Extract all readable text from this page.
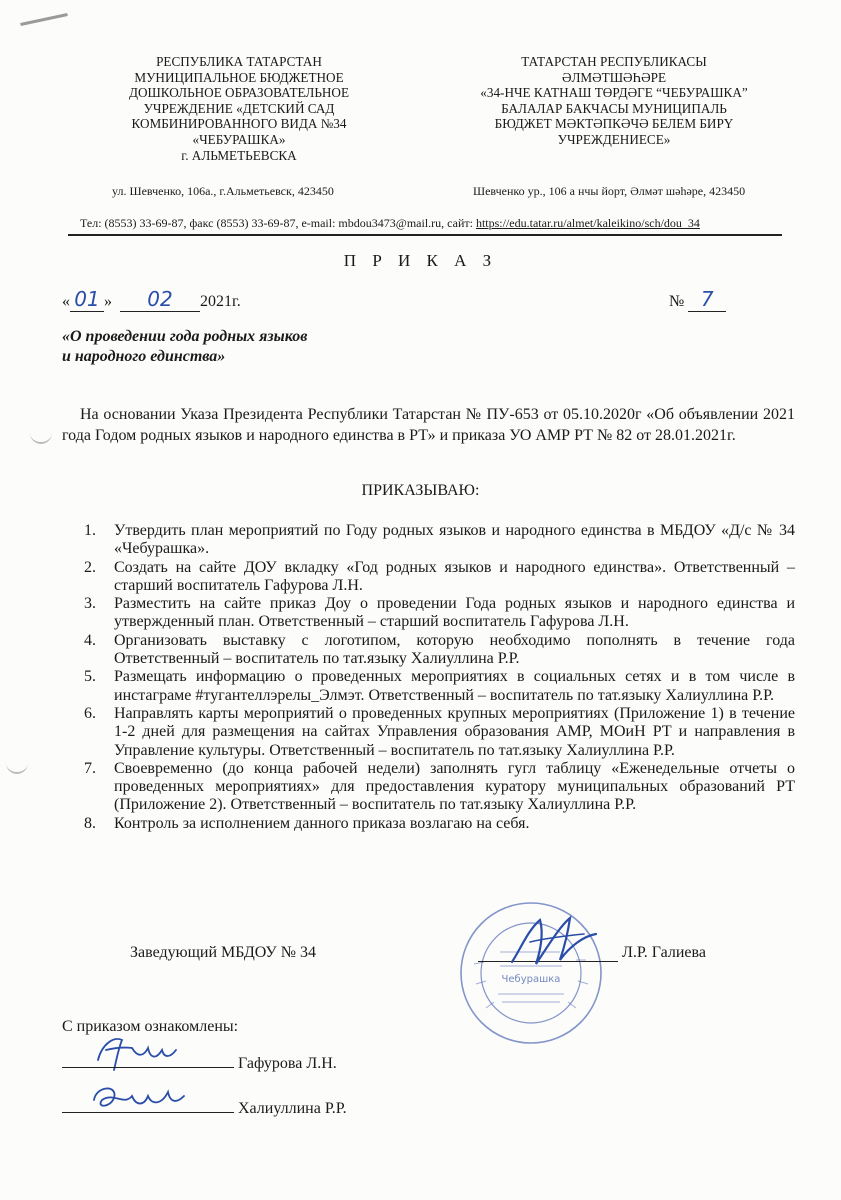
РЕСПУБЛИКА ТАТАРСТАН
МУНИЦИПАЛЬНОЕ БЮДЖЕТНОЕ
ДОШКОЛЬНОЕ ОБРАЗОВАТЕЛЬНОЕ
УЧРЕЖДЕНИЕ «ДЕТСКИЙ САД
КОМБИНИРОВАННОГО ВИДА №34
«ЧЕБУРАШКА»
г. АЛЬМЕТЬЕВСКА
ТАТАРСТАН РЕСПУБЛИКАСЫ
ӘЛМӘТШӘҺӘРЕ
«34-НЧЕ КАТНАШ ТӨРДӘГЕ “ЧЕБУРАШКА”
БАЛАЛАР БАКЧАСЫ МУНИЦИПАЛЬ
БЮДЖЕТ МӘКТӘПКӘЧӘ БЕЛЕМ БИРҮ
УЧРЕЖДЕНИЕСЕ»
ул. Шевченко, 106а., г.Альметьевск, 423450	Шевченко ур., 106 а нчы йорт, Әлмәт шәһәре, 423450
Тел: (8553) 33-69-87, факс (8553) 33-69-87, e-mail: mbdou3473@mail.ru, сайт: https://edu.tatar.ru/almet/kaleikino/sch/dou_34
П Р И К А З
« 01 » 02 2021г.	№ 7
«О проведении года родных языков
и народного единства»
На основании Указа Президента Республики Татарстан № ПУ-653 от 05.10.2020г «Об объявлении 2021 года Годом родных языков и народного единства в РТ» и приказа УО АМР РТ № 82 от 28.01.2021г.
ПРИКАЗЫВАЮ:
1. Утвердить план мероприятий по Году родных языков и народного единства в МБДОУ «Д/с № 34 «Чебурашка».
2. Создать на сайте ДОУ вкладку «Год родных языков и народного единства». Ответственный – старший воспитатель Гафурова Л.Н.
3. Разместить на сайте приказ Доу о проведении Года родных языков и народного единства и утвержденный план. Ответственный – старший воспитатель Гафурова Л.Н.
4. Организовать выставку с логотипом, которую необходимо пополнять в течение года Ответственный – воспитатель по тат.языку Халиуллина Р.Р.
5. Размещать информацию о проведенных мероприятиях в социальных сетях и в том числе в инстаграме #тугантеллэрелы_Элмэт. Ответственный – воспитатель по тат.языку Халиуллина Р.Р.
6. Направлять карты мероприятий о проведенных крупных мероприятиях (Приложение 1) в течение 1-2 дней для размещения на сайтах Управления образования АМР, МОиН РТ и направления в Управление культуры. Ответственный – воспитатель по тат.языку Халиуллина Р.Р.
7. Своевременно (до конца рабочей недели) заполнять гугл таблицу «Еженедельные отчеты о проведенных мероприятиях» для предоставления куратору муниципальных образований РТ (Приложение 2). Ответственный – воспитатель по тат.языку Халиуллина Р.Р.
8. Контроль за исполнением данного приказа возлагаю на себя.
Чебурашка
Заведующий МБДОУ № 34	Л.Р. Галиева
С приказом ознакомлены:
Гафурова Л.Н.
Халиуллина Р.Р.
